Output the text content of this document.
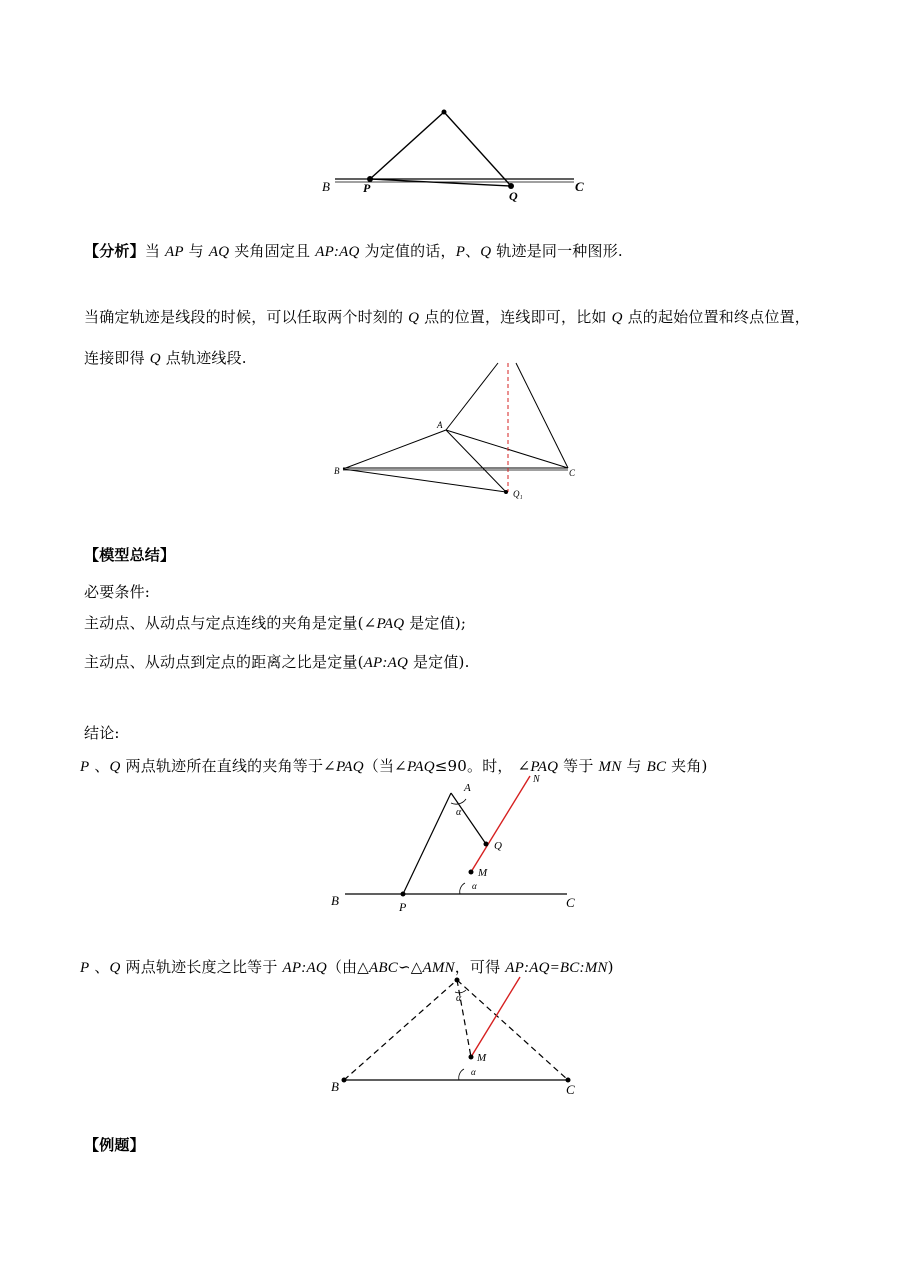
B	P
Q
C
A
B	C
Q₁
A
α
N
Q
M
α
B	P	C
α
M
α
B	C
【分析】当 AP 与 AQ 夹角固定且 AP:AQ 为定值的话，P、Q 轨迹是同一种图形.
当确定轨迹是线段的时候，可以任取两个时刻的 Q 点的位置，连线即可，比如 Q 点的起始位置和终点位置，
连接即得 Q 点轨迹线段.
【模型总结】
必要条件:
主动点、从动点与定点连线的夹角是定量(∠PAQ 是定值);
主动点、从动点到定点的距离之比是定量(AP:AQ 是定值).
结论:
P 、Q 两点轨迹所在直线的夹角等于∠PAQ（当∠PAQ≤90。时， ∠PAQ 等于 MN 与 BC 夹角)
P 、Q 两点轨迹长度之比等于 AP:AQ（由△ABC∽△AMN，可得 AP:AQ=BC:MN)
【例题】
